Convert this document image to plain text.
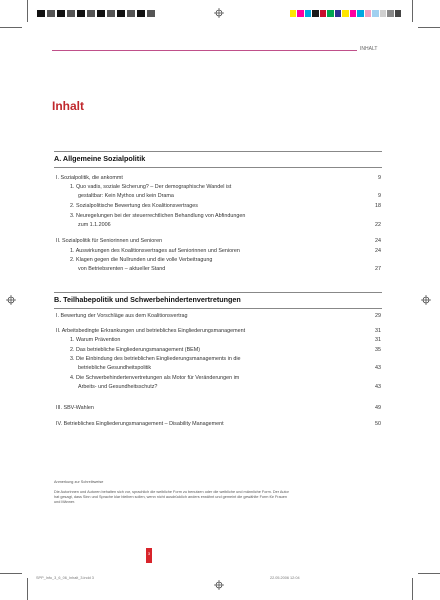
INHALT
Inhalt
A. Allgemeine Sozialpolitik
I. Sozialpolitik, die ankommt	9
1. Quo vadis, soziale Sicherung? – Der demographische Wandel ist
gestaltbar: Kein Mythos und kein Drama	9
2. Sozialpolitische Bewertung des Koalitionsvertrages	18
3. Neuregelungen bei der steuerrechtlichen Behandlung von Abfindungen
zum 1.1.2006	22
II. Sozialpolitik für Seniorinnen und Senioren	24
1. Auswirkungen des Koalitionsvertrages auf Seniorinnen und Senioren	24
2. Klagen gegen die Nullrunden und die volle Verbeitragung
von Betriebsrenten – aktueller Stand	27
B. Teilhabepolitik und Schwerbehindertenvertretungen
I. Bewertung der Vorschläge aus dem Koalitionsvertrag	29
II. Arbeitsbedingte Erkrankungen und betriebliches Eingliederungsmanagement	31
1. Warum Prävention	31
2. Das betriebliche Eingliederungsmanagement (BEM)	35
3. Die Einbindung des betrieblichen Eingliederungsmanagements in die
betriebliche Gesundheitspolitik	43
4. Die Schwerbehindertenvertretungen als Motor für Veränderungen im
Arbeits- und Gesundheitsschutz?	43
III. SBV-Wahlen	49
IV. Betriebliches Eingliederungsmanagement – Disability Management	50
Anmerkung zur Schreibweise
Die Autorinnen und Autoren behalten sich vor, sprachlich die weibliche Form zu benutzen oder die weibliche und männliche Form. Der Autor
hat gesagt, dass Sinn und Sprache klar bleiben sollen, wenn nicht ausdrücklich anders erwähnt und gemeint die gewählte Form für Frauen
und Männer.
3
SPP_Info_3_6_06_Inhalt_3.indd 3	22.05.2006 12:04
